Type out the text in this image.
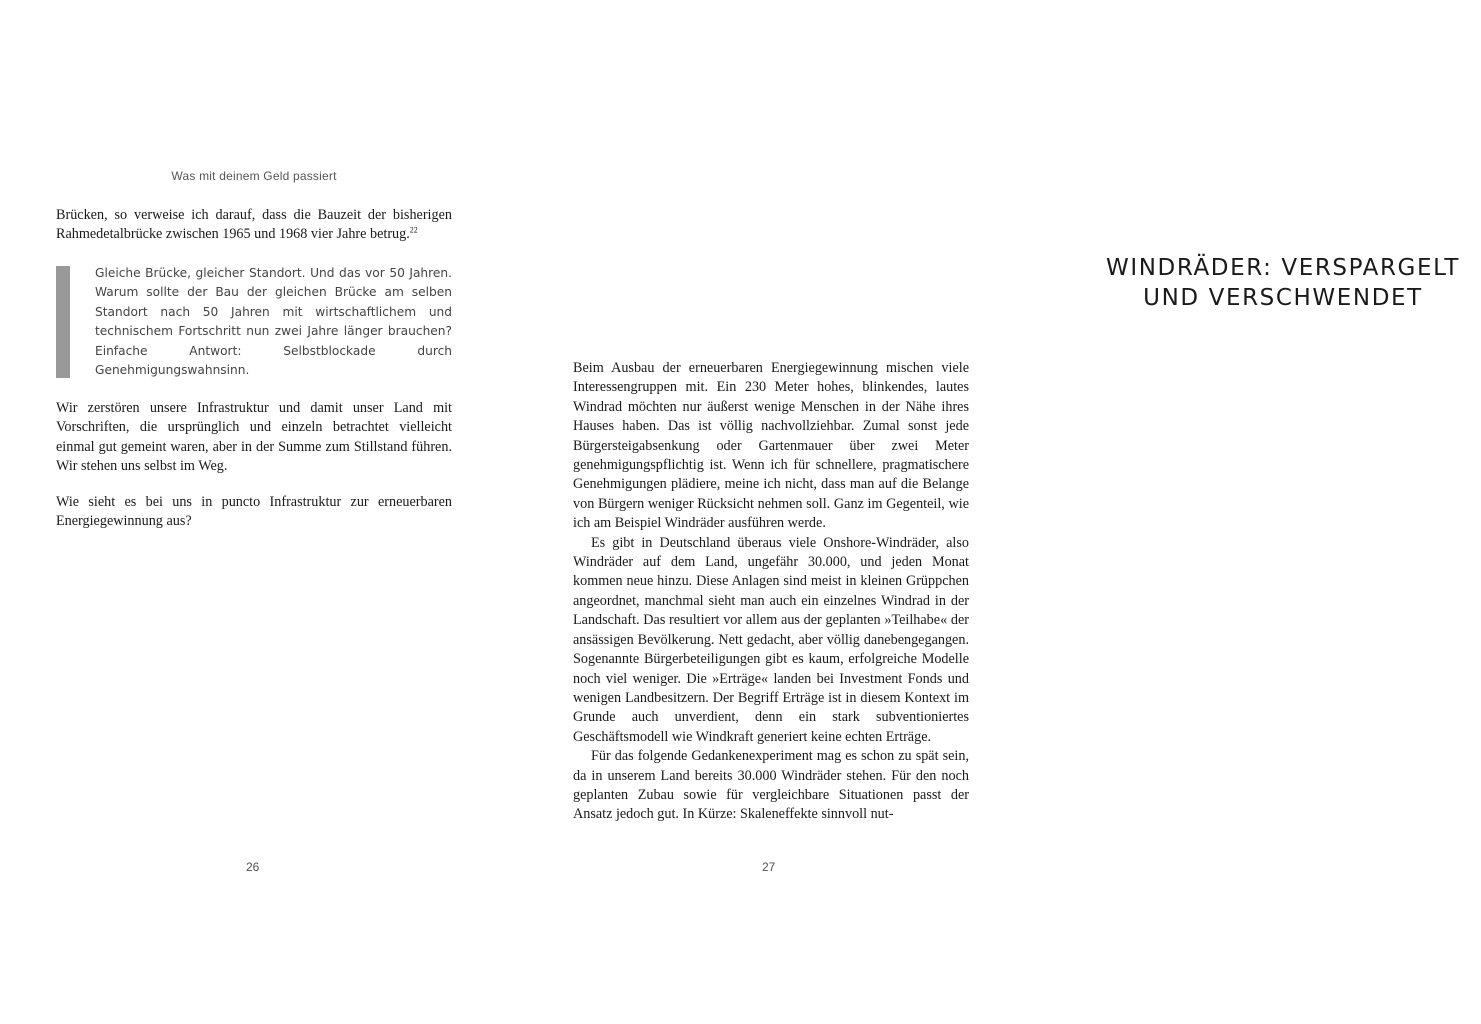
Was mit deinem Geld passiert

Brücken, so verweise ich darauf, dass die Bauzeit der bisherigen Rahmedetalbrücke zwischen 1965 und 1968 vier Jahre betrug.$^{22}$

Gleiche Brücke, gleicher Standort. Und das vor 50 Jahren. Warum sollte der Bau der gleichen Brücke am selben Standort nach 50 Jahren mit wirtschaftlichem und technischem Fortschritt nun zwei Jahre länger brauchen? Einfache Antwort: Selbstblockade durch Genehmigungswahnsinn.

Wir zerstören unsere Infrastruktur und damit unser Land mit Vorschriften, die ursprünglich und einzeln betrachtet vielleicht einmal gut gemeint waren, aber in der Summe zum Stillstand führen. Wir stehen uns selbst im Weg.

Wie sieht es bei uns in puncto Infrastruktur zur erneuerbaren Energiegewinnung aus?

26
WINDRÄDER: VERSPARGELT
UND VERSCHWENDET

Beim Ausbau der erneuerbaren Energiegewinnung mischen viele Interessengruppen mit. Ein 230 Meter hohes, blinkendes, lautes Windrad möchten nur äußerst wenige Menschen in der Nähe ihres Hauses haben. Das ist völlig nachvollziehbar. Zumal sonst jede Bürgersteigabsenkung oder Gartenmauer über zwei Meter genehmigungspflichtig ist. Wenn ich für schnellere, pragmatischere Genehmigungen plädiere, meine ich nicht, dass man auf die Belange von Bürgern weniger Rücksicht nehmen soll. Ganz im Gegenteil, wie ich am Beispiel Windräder ausführen werde.

Es gibt in Deutschland überaus viele Onshore-Windräder, also Windräder auf dem Land, ungefähr 30.000, und jeden Monat kommen neue hinzu. Diese Anlagen sind meist in kleinen Grüppchen angeordnet, manchmal sieht man auch ein einzelnes Windrad in der Landschaft. Das resultiert vor allem aus der geplanten »Teilhabe« der ansässigen Bevölkerung. Nett gedacht, aber völlig danebengegangen. Sogenannte Bürgerbeteiligungen gibt es kaum, erfolgreiche Modelle noch viel weniger. Die »Erträge« landen bei Investment Fonds und wenigen Landbesitzern. Der Begriff Erträge ist in diesem Kontext im Grunde auch unverdient, denn ein stark subventioniertes Geschäftsmodell wie Windkraft generiert keine echten Erträge.

Für das folgende Gedankenexperiment mag es schon zu spät sein, da in unserem Land bereits 30.000 Windräder stehen. Für den noch geplanten Zubau sowie für vergleichbare Situationen passt der Ansatz jedoch gut. In Kürze: Skaleneffekte sinnvoll nut-

27
